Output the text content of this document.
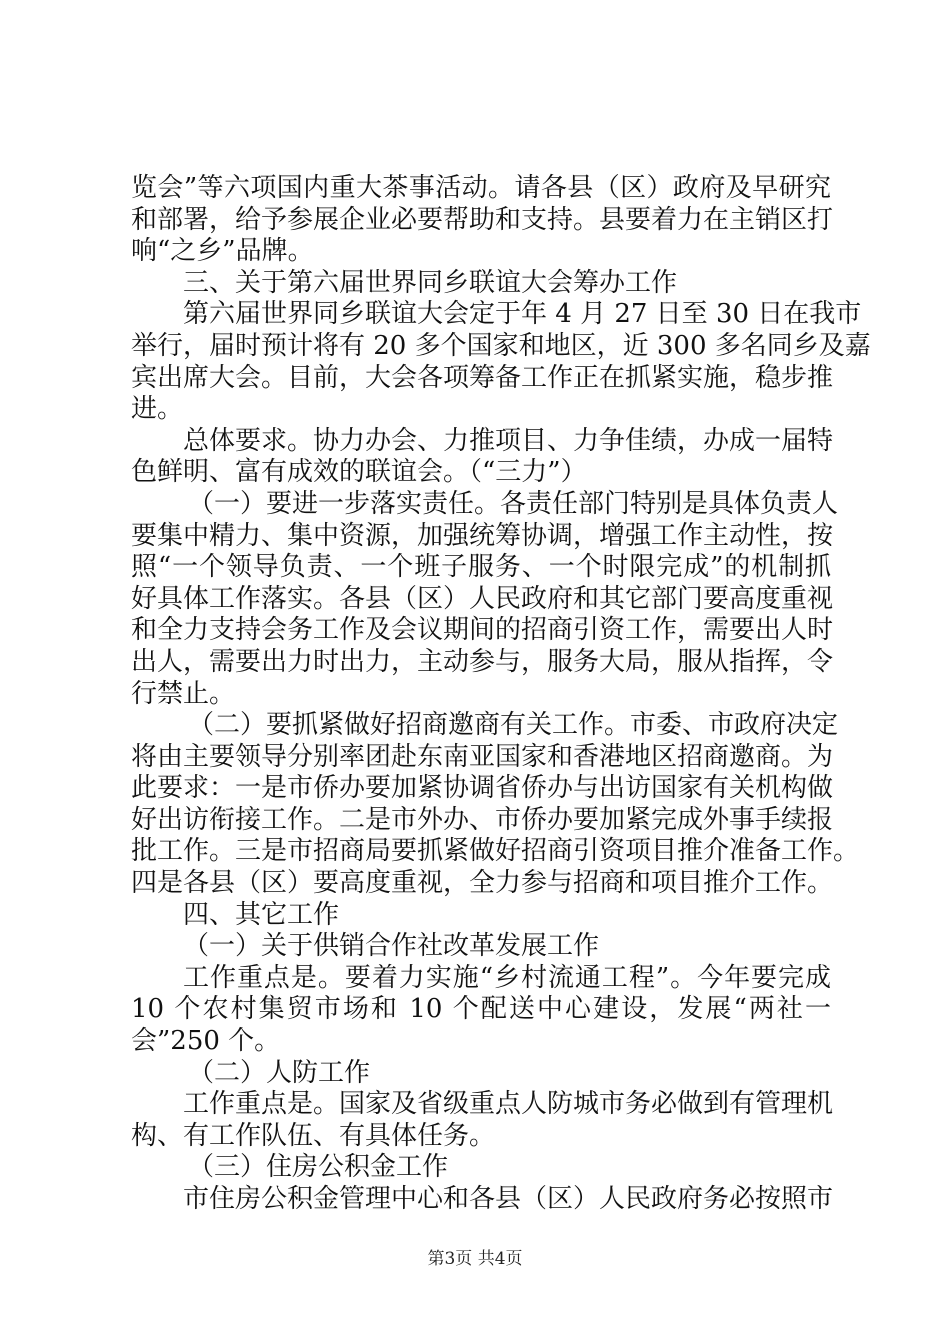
览会”等六项国内重大茶事活动。请各县（区）政府及早研究
和部署，给予参展企业必要帮助和支持。县要着力在主销区打
响“之乡”品牌。
三、关于第六届世界同乡联谊大会筹办工作
第六届世界同乡联谊大会定于年 4 月 27 日至 30 日在我市
举行，届时预计将有 20 多个国家和地区，近 300 多名同乡及嘉
宾出席大会。目前，大会各项筹备工作正在抓紧实施，稳步推
进。
总体要求。协力办会、力推项目、力争佳绩，办成一届特
色鲜明、富有成效的联谊会。（“三力”）
（一）要进一步落实责任。各责任部门特别是具体负责人
要集中精力、集中资源，加强统筹协调，增强工作主动性，按
照“一个领导负责、一个班子服务、一个时限完成”的机制抓
好具体工作落实。各县（区）人民政府和其它部门要高度重视
和全力支持会务工作及会议期间的招商引资工作，需要出人时
出人，需要出力时出力，主动参与，服务大局，服从指挥，令
行禁止。
（二）要抓紧做好招商邀商有关工作。市委、市政府决定
将由主要领导分别率团赴东南亚国家和香港地区招商邀商。为
此要求：一是市侨办要加紧协调省侨办与出访国家有关机构做
好出访衔接工作。二是市外办、市侨办要加紧完成外事手续报
批工作。三是市招商局要抓紧做好招商引资项目推介准备工作。
四是各县（区）要高度重视，全力参与招商和项目推介工作。
四、其它工作
（一）关于供销合作社改革发展工作
工作重点是。要着力实施“乡村流通工程”。今年要完成
10 个农村集贸市场和 10 个配送中心建设，发展“两社一
会”250 个。
（二）人防工作
工作重点是。国家及省级重点人防城市务必做到有管理机
构、有工作队伍、有具体任务。
（三）住房公积金工作
市住房公积金管理中心和各县（区）人民政府务必按照市
第3页 共4页
